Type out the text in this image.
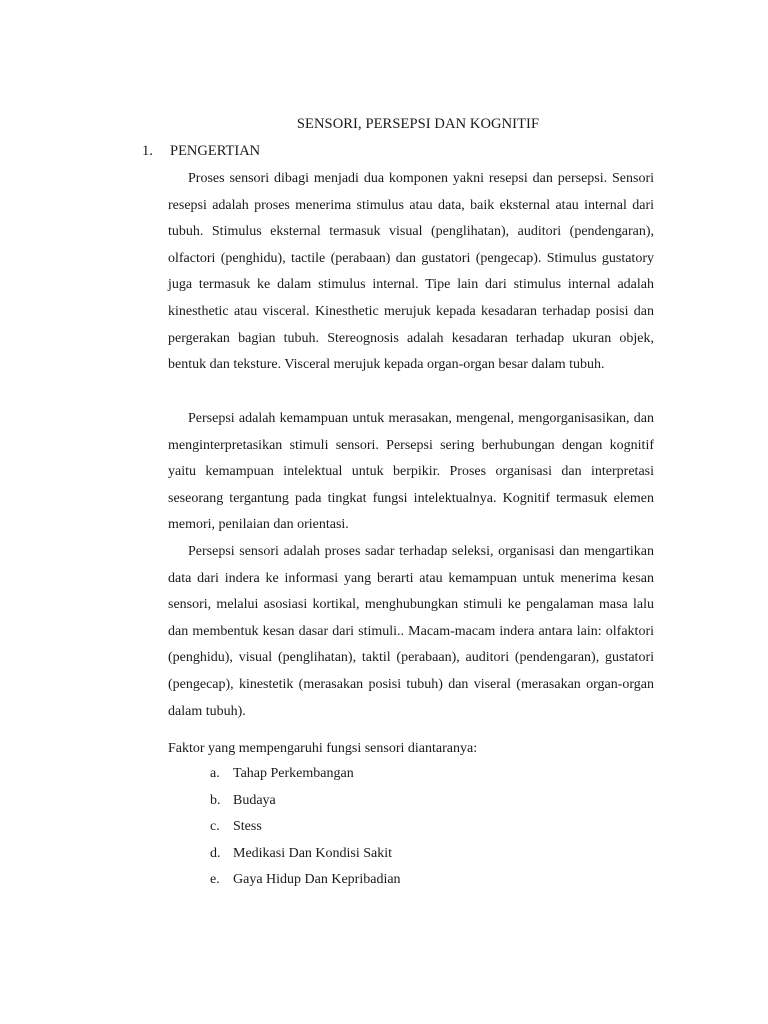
SENSORI, PERSEPSI DAN KOGNITIF
1.	PENGERTIAN

Proses sensori dibagi menjadi dua komponen yakni resepsi dan persepsi. Sensori resepsi adalah proses menerima stimulus atau data, baik eksternal atau internal dari tubuh. Stimulus eksternal termasuk visual (penglihatan), auditori (pendengaran), olfactori (penghidu), tactile (perabaan) dan gustatori (pengecap). Stimulus gustatory juga termasuk ke dalam stimulus internal. Tipe lain dari stimulus internal adalah kinesthetic atau visceral. Kinesthetic merujuk kepada kesadaran terhadap posisi dan pergerakan bagian tubuh. Stereognosis adalah kesadaran terhadap ukuran objek, bentuk dan teksture. Visceral merujuk kepada organ-organ besar dalam tubuh.

Persepsi adalah kemampuan untuk merasakan, mengenal, mengorganisasikan, dan menginterpretasikan stimuli sensori. Persepsi sering berhubungan dengan kognitif yaitu kemampuan intelektual untuk berpikir. Proses organisasi dan interpretasi seseorang tergantung pada tingkat fungsi intelektualnya. Kognitif termasuk elemen memori, penilaian dan orientasi.

Persepsi sensori adalah proses sadar terhadap seleksi, organisasi dan mengartikan data dari indera ke informasi yang berarti atau kemampuan untuk menerima kesan sensori, melalui asosiasi kortikal, menghubungkan stimuli ke pengalaman masa lalu dan membentuk kesan dasar dari stimuli.. Macam-macam indera antara lain: olfaktori (penghidu), visual (penglihatan), taktil (perabaan), auditori (pendengaran), gustatori (pengecap), kinestetik (merasakan posisi tubuh) dan viseral (merasakan organ-organ dalam tubuh).

Faktor yang mempengaruhi fungsi sensori diantaranya:

a. Tahap Perkembangan
b. Budaya
c. Stess
d. Medikasi Dan Kondisi Sakit
e. Gaya Hidup Dan Kepribadian
